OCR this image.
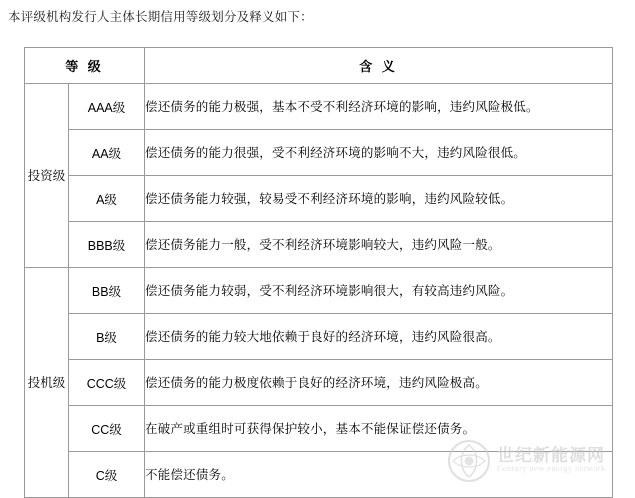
本评级机构发行人主体长期信用等级划分及释义如下：
等 级		含 义
投资级	AAA级	偿还债务的能力极强，基本不受不利经济环境的影响，违约风险极低。
	AA级	偿还债务的能力很强，受不利经济环境的影响不大，违约风险很低。
	A级	偿还债务能力较强，较易受不利经济环境的影响，违约风险较低。
	BBB级	偿还债务能力一般，受不利经济环境影响较大，违约风险一般。
投机级	BB级	偿还债务能力较弱，受不利经济环境影响很大，有较高违约风险。
	B级	偿还债务的能力较大地依赖于良好的经济环境，违约风险很高。
	CCC级	偿还债务的能力极度依赖于良好的经济环境，违约风险极高。
	CC级	在破产或重组时可获得保护较小，基本不能保证偿还债务。
	C级	不能偿还债务。
世纪新能源网
Century new energy network
